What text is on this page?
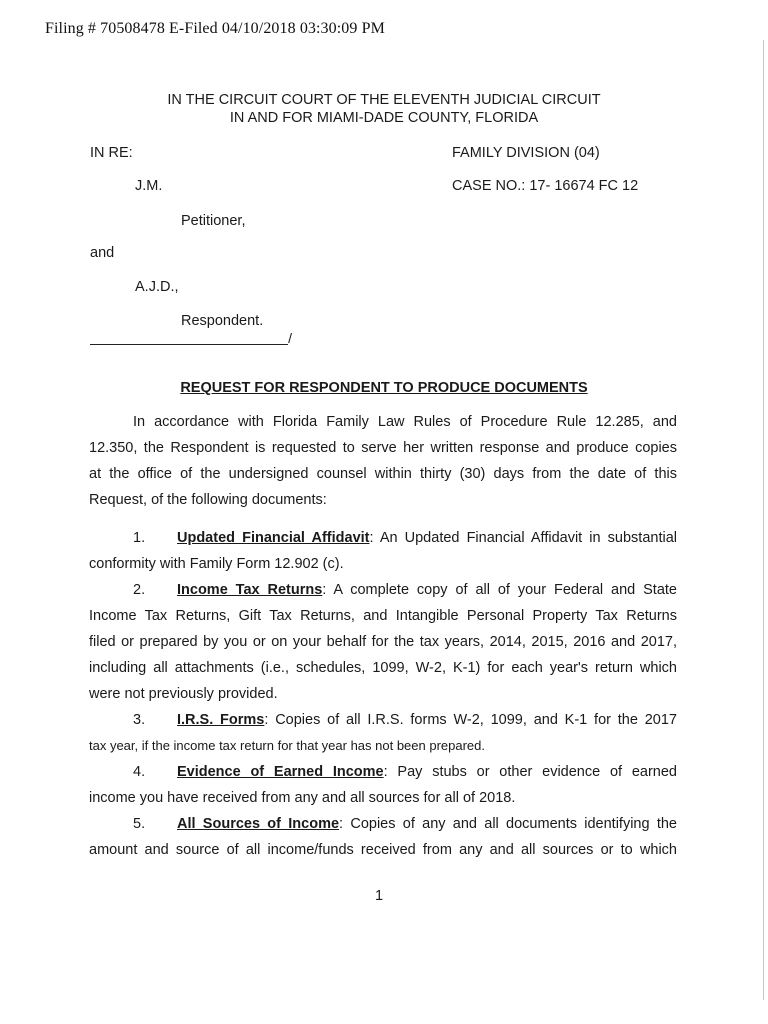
Filing # 70508478 E-Filed 04/10/2018 03:30:09 PM
IN THE CIRCUIT COURT OF THE ELEVENTH JUDICIAL CIRCUIT
IN AND FOR MIAMI-DADE COUNTY, FLORIDA
IN RE:	FAMILY DIVISION (04)
J.M.	CASE NO.: 17- 16674 FC 12
Petitioner,
and
A.J.D.,
Respondent.
/
REQUEST FOR RESPONDENT TO PRODUCE DOCUMENTS
In accordance with Florida Family Law Rules of Procedure Rule 12.285, and
12.350, the Respondent is requested to serve her written response and produce copies
at the office of the undersigned counsel within thirty (30) days from the date of this
Request, of the following documents:
1. Updated Financial Affidavit: An Updated Financial Affidavit in substantial
conformity with Family Form 12.902 (c).
2. Income Tax Returns: A complete copy of all of your Federal and State
Income Tax Returns, Gift Tax Returns, and Intangible Personal Property Tax Returns
filed or prepared by you or on your behalf for the tax years, 2014, 2015, 2016 and 2017,
including all attachments (i.e., schedules, 1099, W-2, K-1) for each year's return which
were not previously provided.
3. I.R.S. Forms: Copies of all I.R.S. forms W-2, 1099, and K-1 for the 2017
tax year, if the income tax return for that year has not been prepared.
4. Evidence of Earned Income: Pay stubs or other evidence of earned
income you have received from any and all sources for all of 2018.
5. All Sources of Income: Copies of any and all documents identifying the
amount and source of all income/funds received from any and all sources or to which
1
